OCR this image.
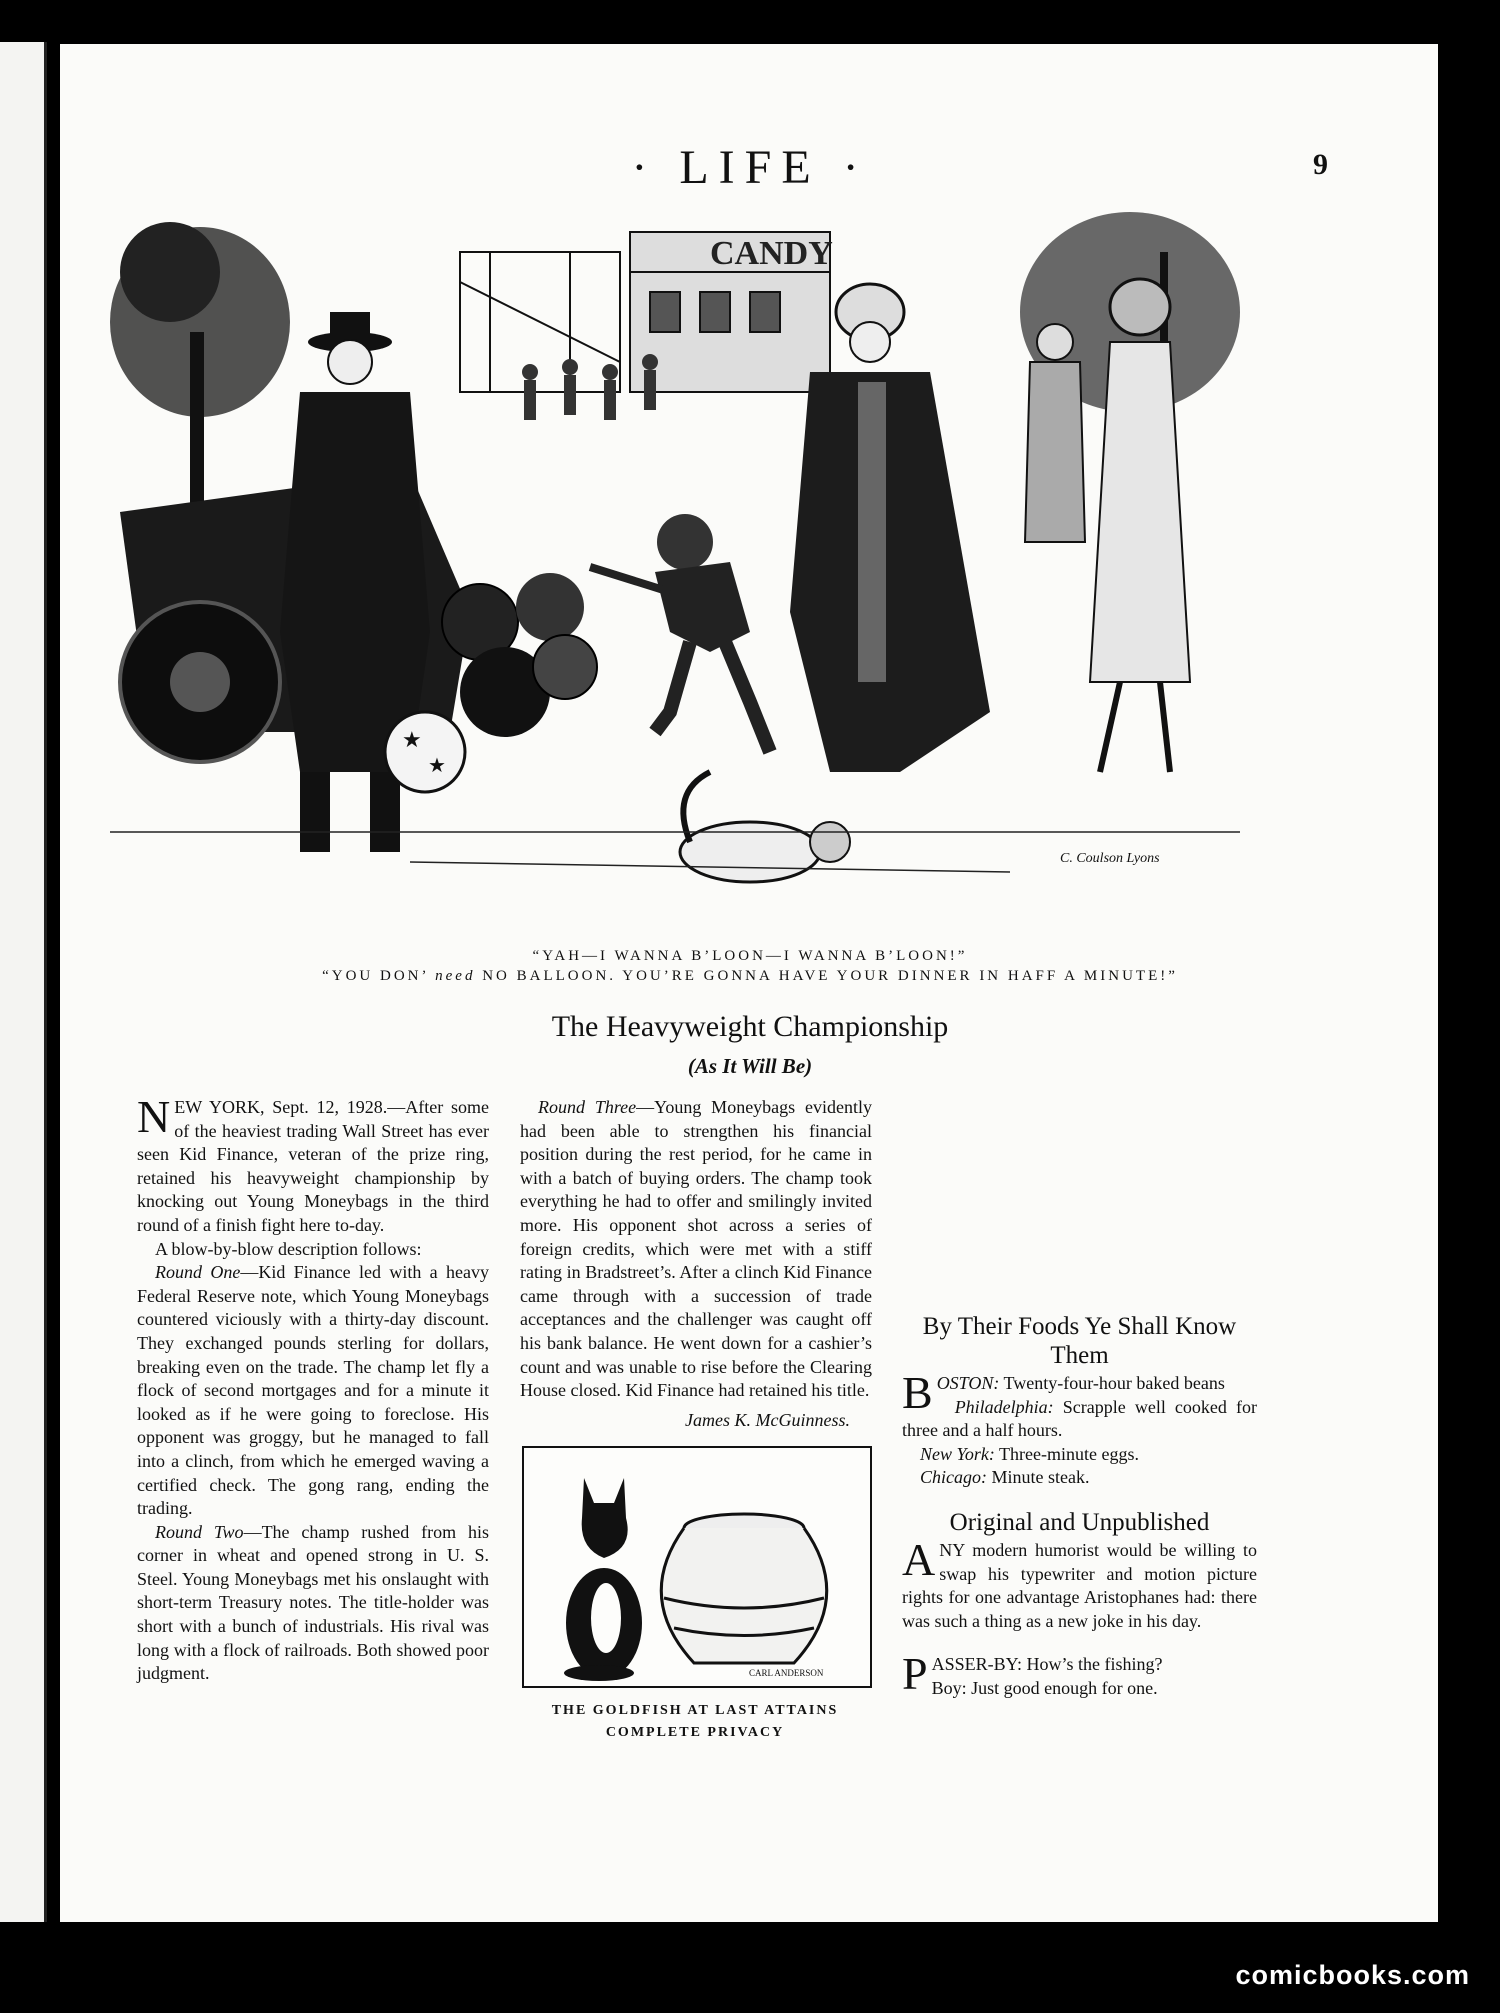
· LIFE ·	9
CANDY
★
★
C. Coulson Lyons
“YAH—I WANNA B’LOON—I WANNA B’LOON!”
“YOU DON’ need NO BALLOON. YOU’RE GONNA HAVE YOUR DINNER IN HAFF A MINUTE!”
The Heavyweight Championship
(As It Will Be)

NEW YORK, Sept. 12, 1928.—After some of the heaviest trading Wall Street has ever seen Kid Finance, veteran of the prize ring, retained his heavyweight championship by knocking out Young Moneybags in the third round of a finish fight here to-day.

A blow-by-blow description follows:

Round One—Kid Finance led with a heavy Federal Reserve note, which Young Moneybags countered viciously with a thirty-day discount. They exchanged pounds sterling for dollars, breaking even on the trade. The champ let fly a flock of second mortgages and for a minute it looked as if he were going to foreclose. His opponent was groggy, but he managed to fall into a clinch, from which he emerged waving a certified check. The gong rang, ending the trading.

Round Two—The champ rushed from his corner in wheat and opened strong in U. S. Steel. Young Moneybags met his onslaught with short-term Treasury notes. The title-holder was short with a bunch of industrials. His rival was long with a flock of railroads. Both showed poor judgment.

Round Three—Young Moneybags evidently had been able to strengthen his financial position during the rest period, for he came in with a batch of buying orders. The champ took everything he had to offer and smilingly invited more. His opponent shot across a series of foreign credits, which were met with a stiff rating in Bradstreet’s. After a clinch Kid Finance came through with a succession of trade acceptances and the challenger was caught off his bank balance. He went down for a cashier’s count and was unable to rise before the Clearing House closed. Kid Finance had retained his title.

James K. McGuinness.

CARL ANDERSON
THE GOLDFISH AT LAST ATTAINS
COMPLETE PRIVACY
By Their Foods Ye Shall Know Them

BOSTON: Twenty-four-hour baked beans

Philadelphia: Scrapple well cooked for three and a half hours.

New York: Three-minute eggs.

Chicago: Minute steak.

Original and Unpublished

ANY modern humorist would be willing to swap his typewriter and motion picture rights for one advantage Aristophanes had: there was such a thing as a new joke in his day.

PASSER-BY: How’s the fishing?
Boy: Just good enough for one.

comicbooks.com
